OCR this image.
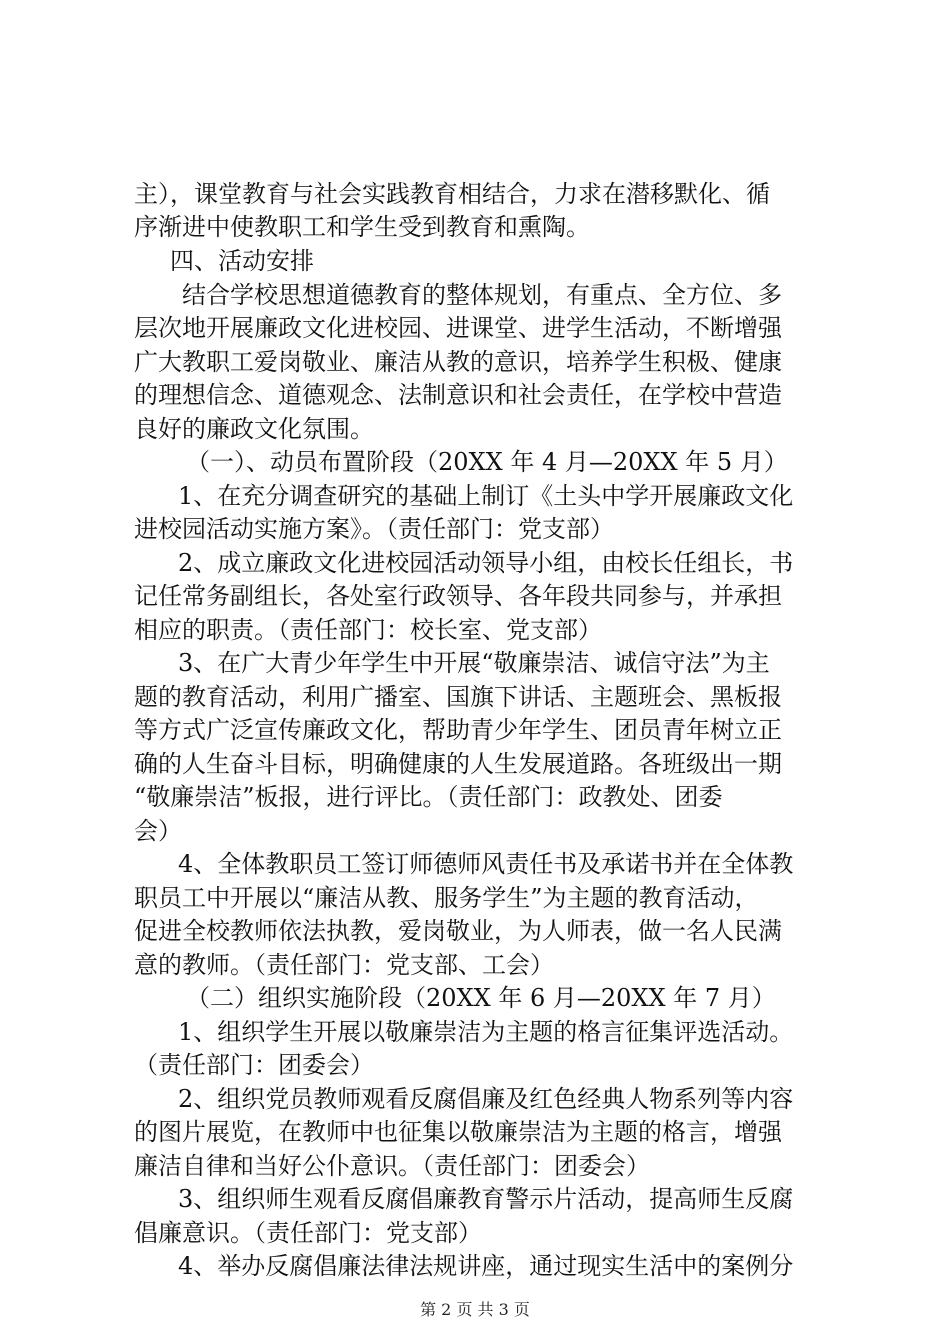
主），课堂教育与社会实践教育相结合，力求在潜移默化、循
序渐进中使教职工和学生受到教育和熏陶。
四、活动安排
结合学校思想道德教育的整体规划，有重点、全方位、多
层次地开展廉政文化进校园、进课堂、进学生活动，不断增强
广大教职工爱岗敬业、廉洁从教的意识，培养学生积极、健康
的理想信念、道德观念、法制意识和社会责任，在学校中营造
良好的廉政文化氛围。
（一）、动员布置阶段（20XX 年 4 月—20XX 年 5 月）
1、在充分调查研究的基础上制订《土头中学开展廉政文化
进校园活动实施方案》。（责任部门：党支部）
2、成立廉政文化进校园活动领导小组，由校长任组长，书
记任常务副组长，各处室行政领导、各年段共同参与，并承担
相应的职责。（责任部门：校长室、党支部）
3、在广大青少年学生中开展“敬廉崇洁、诚信守法”为主
题的教育活动，利用广播室、国旗下讲话、主题班会、黑板报
等方式广泛宣传廉政文化，帮助青少年学生、团员青年树立正
确的人生奋斗目标，明确健康的人生发展道路。各班级出一期
“敬廉崇洁”板报，进行评比。（责任部门：政教处、团委
会）
4、全体教职员工签订师德师风责任书及承诺书并在全体教
职员工中开展以“廉洁从教、服务学生”为主题的教育活动，
促进全校教师依法执教，爱岗敬业，为人师表，做一名人民满
意的教师。（责任部门：党支部、工会）
（二）组织实施阶段（20XX 年 6 月—20XX 年 7 月）
1、组织学生开展以敬廉崇洁为主题的格言征集评选活动。
（责任部门：团委会）
2、组织党员教师观看反腐倡廉及红色经典人物系列等内容
的图片展览，在教师中也征集以敬廉崇洁为主题的格言，增强
廉洁自律和当好公仆意识。（责任部门：团委会）
3、组织师生观看反腐倡廉教育警示片活动，提高师生反腐
倡廉意识。（责任部门：党支部）
4、举办反腐倡廉法律法规讲座，通过现实生活中的案例分
第 2 页 共 3 页
